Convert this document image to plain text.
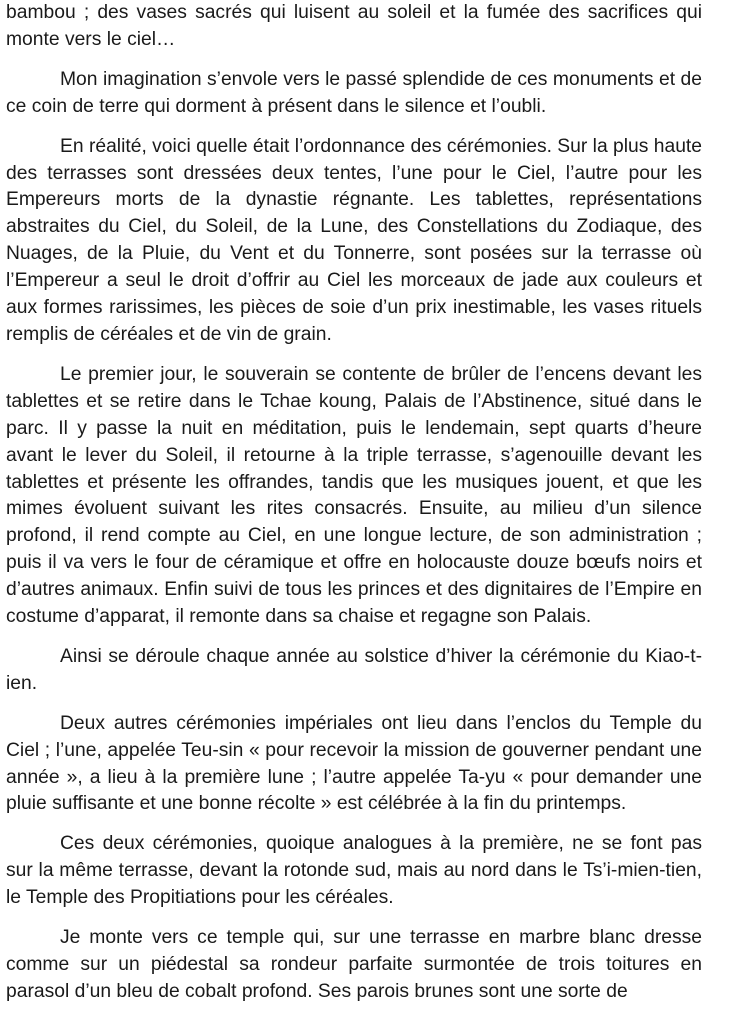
bambou ; des vases sacrés qui luisent au soleil et la fumée des sacrifices qui monte vers le ciel…

Mon imagination s’envole vers le passé splendide de ces monuments et de ce coin de terre qui dorment à présent dans le silence et l’oubli.

En réalité, voici quelle était l’ordonnance des cérémonies. Sur la plus haute des terrasses sont dressées deux tentes, l’une pour le Ciel, l’autre pour les Empereurs morts de la dynastie régnante. Les tablettes, représentations abstraites du Ciel, du Soleil, de la Lune, des Constellations du Zodiaque, des Nuages, de la Pluie, du Vent et du Tonnerre, sont posées sur la terrasse où l’Empereur a seul le droit d’offrir au Ciel les morceaux de jade aux couleurs et aux formes rarissimes, les pièces de soie d’un prix inestimable, les vases rituels remplis de céréales et de vin de grain.

Le premier jour, le souverain se contente de brûler de l’encens devant les tablettes et se retire dans le Tchae koung, Palais de l’Abstinence, situé dans le parc. Il y passe la nuit en méditation, puis le lendemain, sept quarts d’heure avant le lever du Soleil, il retourne à la triple terrasse, s’agenouille devant les tablettes et présente les offrandes, tandis que les musiques jouent, et que les mimes évoluent suivant les rites consacrés. Ensuite, au milieu d’un silence profond, il rend compte au Ciel, en une longue lecture, de son administration ; puis il va vers le four de céramique et offre en holocauste douze bœufs noirs et d’autres animaux. Enfin suivi de tous les princes et des dignitaires de l’Empire en costume d’apparat, il remonte dans sa chaise et regagne son Palais.

Ainsi se déroule chaque année au solstice d’hiver la cérémonie du Kiao-t-ien.

Deux autres cérémonies impériales ont lieu dans l’enclos du Temple du Ciel ; l’une, appelée Teu-sin « pour recevoir la mission de gouverner pendant une année », a lieu à la première lune ; l’autre appelée Ta-yu « pour demander une pluie suffisante et une bonne récolte » est célébrée à la fin du printemps.

Ces deux cérémonies, quoique analogues à la première, ne se font pas sur la même terrasse, devant la rotonde sud, mais au nord dans le Ts’i-mien-tien, le Temple des Propitiations pour les céréales.

Je monte vers ce temple qui, sur une terrasse en marbre blanc dresse comme sur un piédestal sa rondeur parfaite surmontée de trois toitures en parasol d’un bleu de cobalt profond. Ses parois brunes sont une sorte de
